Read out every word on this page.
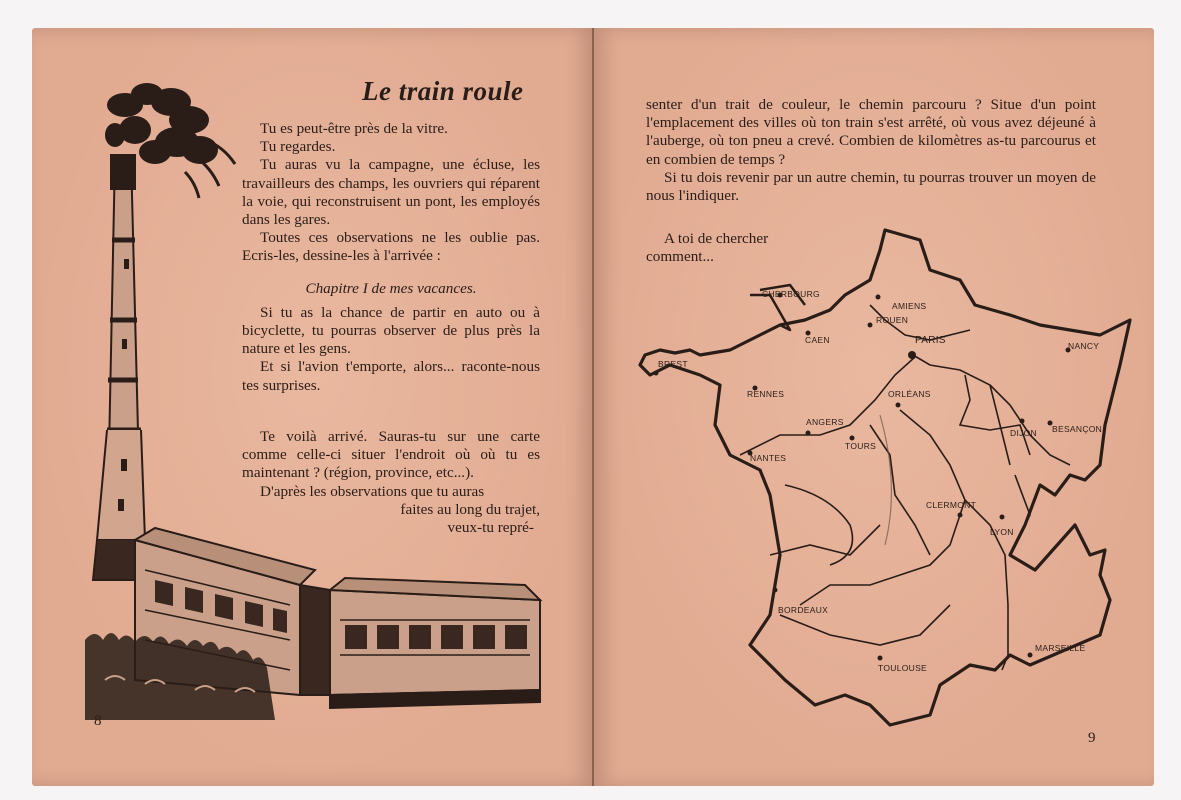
Le train roule

Tu es peut-être près de la vitre.

Tu regardes.

Tu auras vu la campagne, une écluse, les travailleurs des champs, les ouvriers qui réparent la voie, qui reconstruisent un pont, les employés dans les gares.

Toutes ces observations ne les oublie pas. Ecris-les, dessine-les à l'arrivée :

Chapitre I de mes vacances.

Si tu as la chance de partir en auto ou à bicyclette, tu pourras observer de plus près la nature et les gens.

Et si l'avion t'emporte, alors... raconte-nous tes surprises.

Te voilà arrivé. Sauras-tu sur une carte comme celle-ci situer l'endroit où où tu es maintenant ? (région, province, etc...).

D'après les observations que tu auras

faites au long du trajet,

veux-tu repré-

8

senter d'un trait de couleur, le chemin parcouru ? Situe d'un point l'emplacement des villes où ton train s'est arrêté, où vous avez déjeuné à l'auberge, où ton pneu a crevé. Combien de kilomètres as-tu parcourus et en combien de temps ?

Si tu dois revenir par un autre chemin, tu pourras trouver un moyen de nous l'indiquer.

A toi de chercher

comment...

CHERBOURG
AMIENS
ROUEN
CAEN	PARIS	NANCY
BREST
RENNES	ORLÉANS
ANGERS
TOURS
NANTES
DIJON BESANÇON
CLERMONT
LYON
BORDEAUX
TOULOUSE
MARSEILLE
9
